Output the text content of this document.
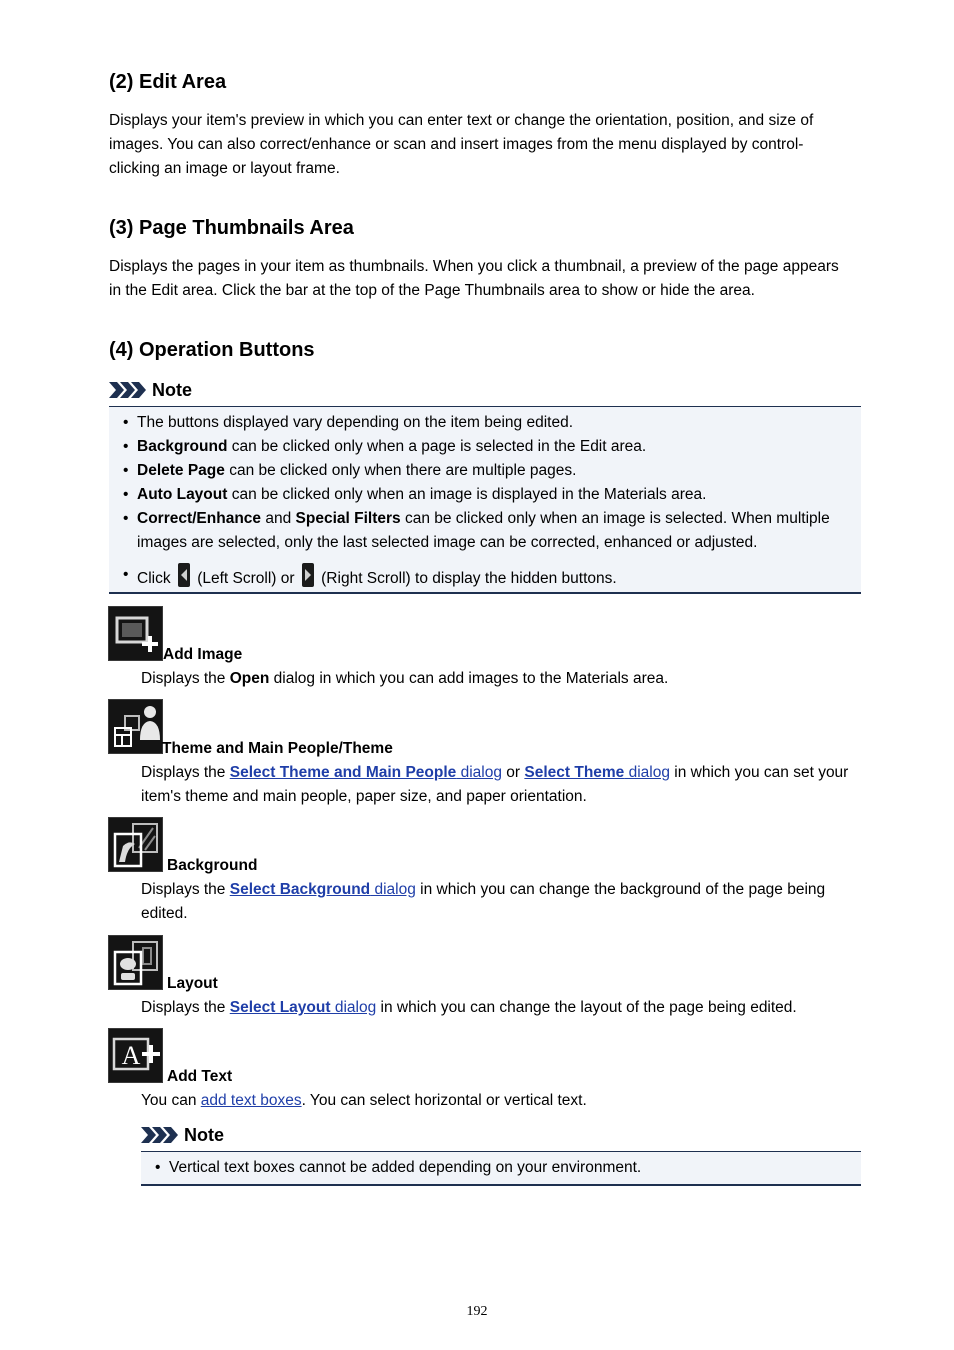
(2) Edit Area

Displays your item's preview in which you can enter text or change the orientation, position, and size of images. You can also correct/enhance or scan and insert images from the menu displayed by control-clicking an image or layout frame.

(3) Page Thumbnails Area

Displays the pages in your item as thumbnails. When you click a thumbnail, a preview of the page appears in the Edit area. Click the bar at the top of the Page Thumbnails area to show or hide the area.

(4) Operation Buttons
Note
• The buttons displayed vary depending on the item being edited.
• Background can be clicked only when a page is selected in the Edit area.
• Delete Page can be clicked only when there are multiple pages.
• Auto Layout can be clicked only when an image is displayed in the Materials area.
• Correct/Enhance and Special Filters can be clicked only when an image is selected. When multiple images are selected, only the last selected image can be corrected, enhanced or adjusted.
• Click
(Left Scroll) or
(Right Scroll) to display the hidden buttons.
Add Image

Displays the Open dialog in which you can add images to the Materials area.

Theme and Main People/Theme

Displays the Select Theme and Main People dialog or Select Theme dialog in which you can set your item's theme and main people, paper size, and paper orientation.

Background

Displays the Select Background dialog in which you can change the background of the page being edited.

Layout

Displays the Select Layout dialog in which you can change the layout of the page being edited.

A
Add Text

You can add text boxes. You can select horizontal or vertical text.

Note
• Vertical text boxes cannot be added depending on your environment.
192
